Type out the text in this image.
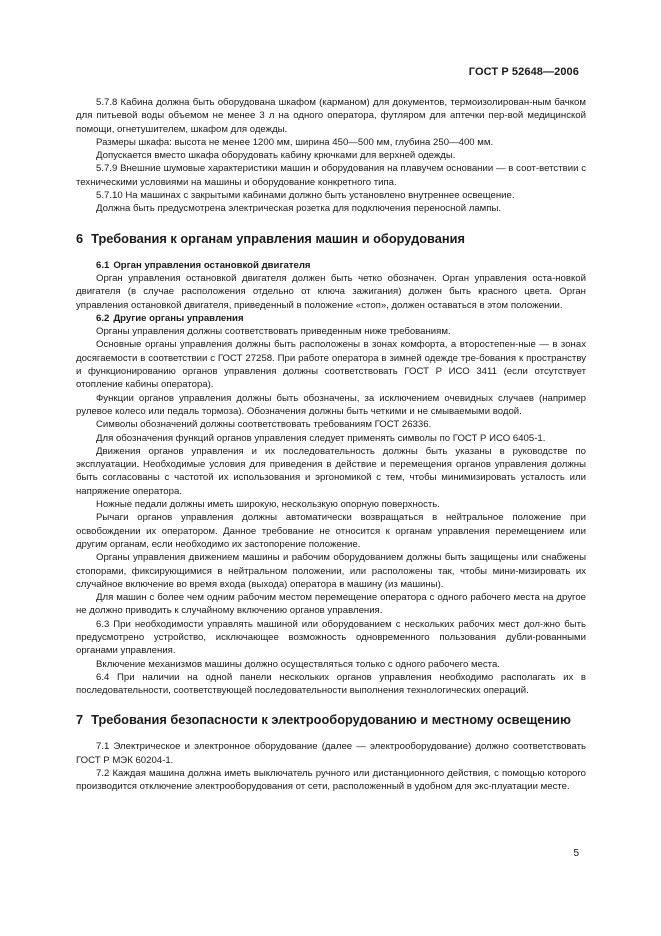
ГОСТ Р 52648—2006

5.7.8 Кабина должна быть оборудована шкафом (карманом) для документов, термоизолирован-ным бачком для питьевой воды объемом не менее 3 л на одного оператора, футляром для аптечки пер-вой медицинской помощи, огнетушителем, шкафом для одежды.

Размеры шкафа: высота не менее 1200 мм, ширина 450—500 мм, глубина 250—400 мм.

Допускается вместо шкафа оборудовать кабину крючками для верхней одежды.

5.7.9 Внешние шумовые характеристики машин и оборудования на плавучем основании — в соот-ветствии с техническими условиями на машины и оборудование конкретного типа.

5.7.10 На машинах с закрытыми кабинами должно быть установлено внутреннее освещение.

Должна быть предусмотрена электрическая розетка для подключения переносной лампы.

6 Требования к органам управления машин и оборудования
6.1 Орган управления остановкой двигателя

Орган управления остановкой двигателя должен быть четко обозначен. Орган управления оста-новкой двигателя (в случае расположения отдельно от ключа зажигания) должен быть красного цвета. Орган управления остановкой двигателя, приведенный в положение «стоп», должен оставаться в этом положении.

6.2 Другие органы управления

Органы управления должны соответствовать приведенным ниже требованиям.

Основные органы управления должны быть расположены в зонах комфорта, а второстепен-ные — в зонах досягаемости в соответствии с ГОСТ 27258. При работе оператора в зимней одежде тре-бования к пространству и функционированию органов управления должны соответствовать ГОСТ Р ИСО 3411 (если отсутствует отопление кабины оператора).

Функции органов управления должны быть обозначены, за исключением очевидных случаев (например рулевое колесо или педаль тормоза). Обозначения должны быть четкими и не смываемыми водой.

Символы обозначений должны соответствовать требованиям ГОСТ 26336.

Для обозначения функций органов управления следует применять символы по ГОСТ Р ИСО 6405-1.

Движения органов управления и их последовательность должны быть указаны в руководстве по эксплуатации. Необходимые условия для приведения в действие и перемещения органов управления должны быть согласованы с частотой их использования и эргономикой с тем, чтобы минимизировать усталость или напряжение оператора.

Ножные педали должны иметь широкую, нескользкую опорную поверхность.

Рычаги органов управления должны автоматически возвращаться в нейтральное положение при освобождении их оператором. Данное требование не относится к органам управления перемещением или другим органам, если необходимо их застопорение положение.

Органы управления движением машины и рабочим оборудованием должны быть защищены или снабжены стопорами, фиксирующимися в нейтральном положении, или расположены так, чтобы мини-мизировать их случайное включение во время входа (выхода) оператора в машину (из машины).

Для машин с более чем одним рабочим местом перемещение оператора с одного рабочего места на другое не должно приводить к случайному включению органов управления.

6.3 При необходимости управлять машиной или оборудованием с нескольких рабочих мест дол-жно быть предусмотрено устройство, исключающее возможность одновременного пользования дубли-рованными органами управления.

Включение механизмов машины должно осуществляться только с одного рабочего места.

6.4 При наличии на одной панели нескольких органов управления необходимо располагать их в последовательности, соответствующей последовательности выполнения технологических операций.

7 Требования безопасности к электрооборудованию и местному освещению

7.1 Электрическое и электронное оборудование (далее — электрооборудование) должно соответствовать ГОСТ Р МЭК 60204-1.

7.2 Каждая машина должна иметь выключатель ручного или дистанционного действия, с помощью которого производится отключение электрооборудования от сети, расположенный в удобном для экс-плуатации месте.

5
